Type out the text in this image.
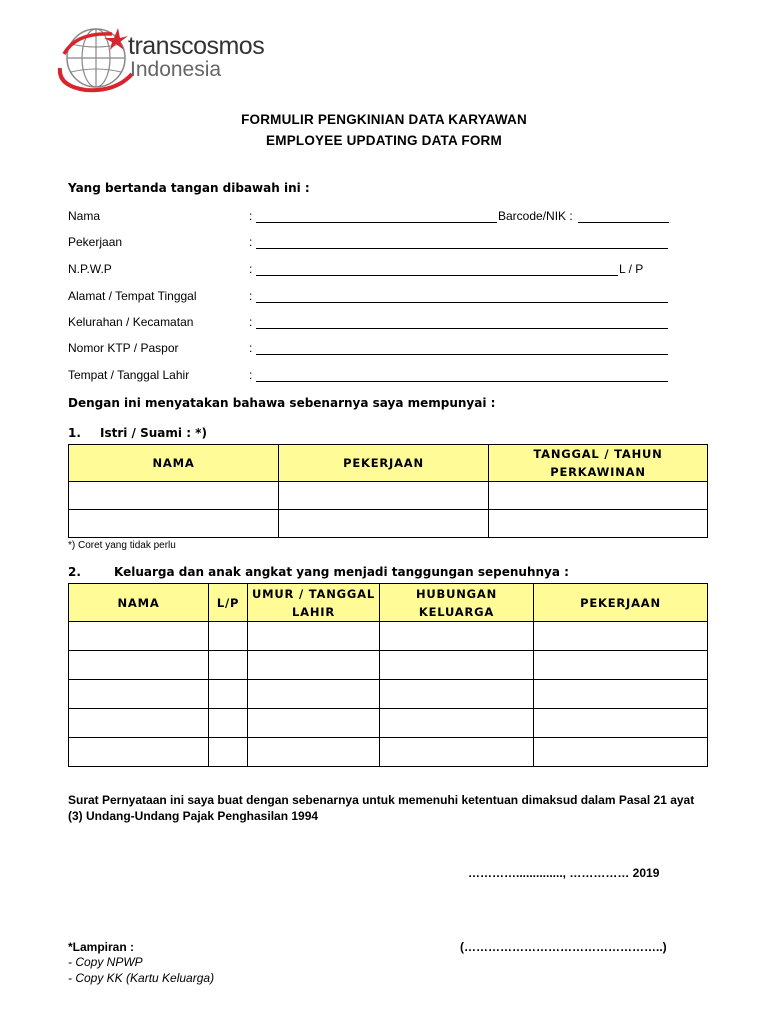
transcosmos
Indonesia
FORMULIR PENGKINIAN DATA KARYAWAN
EMPLOYEE UPDATING DATA FORM
Yang bertanda tangan dibawah ini :
Nama	:	Barcode/NIK :
Pekerjaan	:
N.P.W.P	:	L / P
Alamat / Tempat Tinggal	:
Kelurahan / Kecamatan	:
Nomor KTP / Paspor	:
Tempat / Tanggal Lahir	:
Dengan ini menyatakan bahawa sebenarnya saya mempunyai :
1. Istri / Suami : *)
NAMA	PEKERJAAN	TANGGAL / TAHUN PERKAWINAN

*) Coret yang tidak perlu
2.	Keluarga dan anak angkat yang menjadi tanggungan sepenuhnya :
NAMA	L/P	UMUR / TANGGAL LAHIR	HUBUNGAN KELUARGA	PEKERJAAN

Surat Pernyataan ini saya buat dengan sebenarnya untuk memenuhi ketentuan dimaksud dalam Pasal 21 ayat (3) Undang-Undang Pajak Penghasilan 1994
………….............., …………… 2019
(…………………………………………..)
*Lampiran :
- Copy NPWP
- Copy KK (Kartu Keluarga)
